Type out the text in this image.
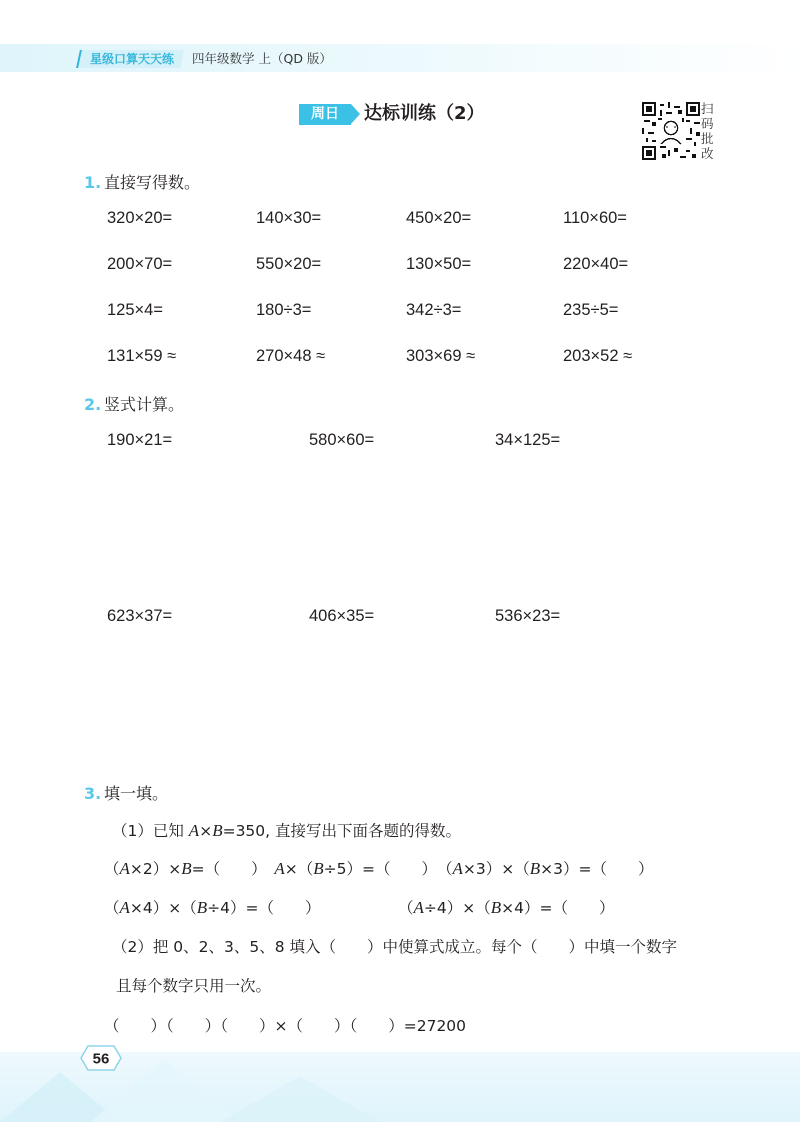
星级口算天天练	四年级数学 上（QD 版）
周日	达标训练（2）	扫码批改
1. 直接写得数。
320×20=	140×30=	450×20=	110×60=
200×70=	550×20=	130×50=	220×40=
125×4=	180÷3=	342÷3=	235÷5=
131×59 ≈	270×48 ≈	303×69 ≈	203×52 ≈
2. 竖式计算。
190×21=	580×60=	34×125=
623×37=	406×35=	536×23=
3. 填一填。
（1）已知 A×B=350, 直接写出下面各题的得数。
（A×2）×B=（　　）　A×（B÷5）=（　　）　（A×3）×（B×3）=（　　）
（A×4）×（B÷4）=（　　）　　　　　　（A÷4）×（B×4）=（　　）
（2）把 0、2、3、5、8 填入（　　）中使算式成立。每个（　　）中填一个数字
且每个数字只用一次。
（　　）（　　）（　　）×（　　）（　　）=27200
56
